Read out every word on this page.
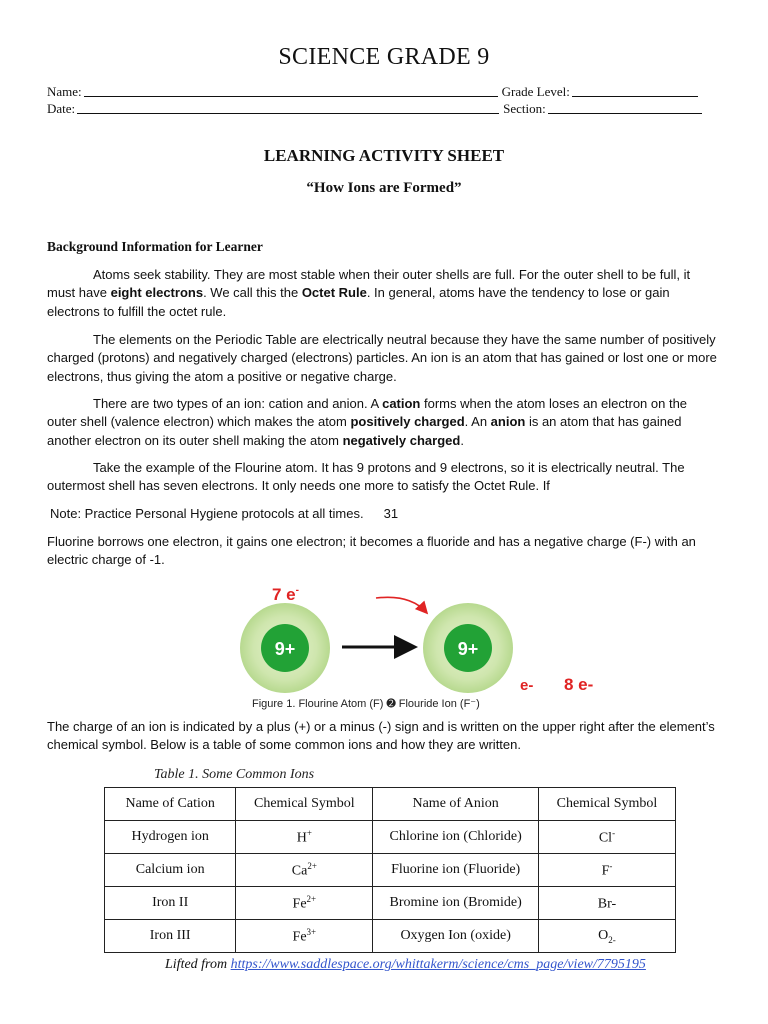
SCIENCE GRADE 9
Name:	Grade Level:
Date:	Section:
LEARNING ACTIVITY SHEET
“How Ions are Formed”
Background Information for Learner

Atoms seek stability. They are most stable when their outer shells are full. For the outer shell to be full, it must have eight electrons. We call this the Octet Rule. In general, atoms have the tendency to lose or gain electrons to fulfill the octet rule.

The elements on the Periodic Table are electrically neutral because they have the same number of positively charged (protons) and negatively charged (electrons) particles. An ion is an atom that has gained or lost one or more electrons, thus giving the atom a positive or negative charge.

There are two types of an ion: cation and anion. A cation forms when the atom loses an electron on the outer shell (valence electron) which makes the atom positively charged. An anion is an atom that has gained another electron on its outer shell making the atom negatively charged.

Take the example of the Flourine atom. It has 9 protons and 9 electrons, so it is electrically neutral. The outermost shell has seven electrons. It only needs one more to satisfy the Octet Rule. If

Note: Practice Personal Hygiene protocols at all times. 31

Fluorine borrows one electron, it gains one electron; it becomes a fluoride and has a negative charge (F-) with an electric charge of -1.

9+	9+
7 e-
e- 8 e-
Figure 1. Flourine Atom (F) ➋ Flouride Ion (F⁻)

The charge of an ion is indicated by a plus (+) or a minus (-) sign and is written on the upper right after the element’s chemical symbol. Below is a table of some common ions and how they are written.

Table 1. Some Common Ions
Name of Cation	Chemical Symbol	Name of Anion	Chemical Symbol
Hydrogen ion	H+	Chlorine ion (Chloride)	Cl-
Calcium ion	$Ca^{2+}$	Fluorine ion (Fluoride)	F-
Iron II	$Fe^{2+}$	Bromine ion (Bromide)	Br-
Iron III	$Fe^{3+}$	Oxygen Ion (oxide)	$O_{2-}$
Lifted from https://www.saddlespace.org/whittakerm/science/cms_page/view/7795195
